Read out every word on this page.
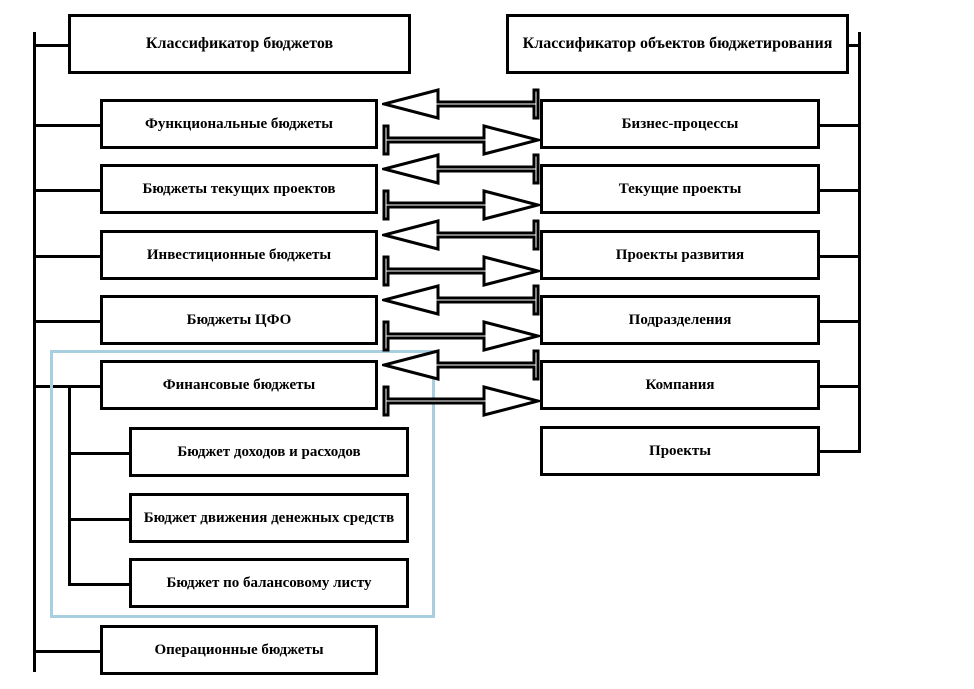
Классификатор бюджетов	Классификатор объектов бюджетирования
Функциональные бюджеты
Бюджеты текущих проектов
Инвестиционные бюджеты
Бюджеты ЦФО
Финансовые бюджеты
Операционные бюджеты
Бюджет доходов и расходов
Бюджет движения денежных средств
Бюджет по балансовому листу
Бизнес-процессы
Текущие проекты
Проекты развития
Подразделения
Компания
Проекты
